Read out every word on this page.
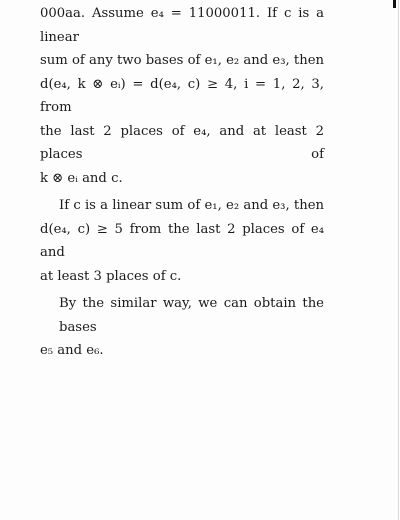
000aa. Assume e₄ = 11000011. If c is a linear
sum of any two bases of e₁, e₂ and e₃, then
d(e₄, k ⊗ eᵢ) = d(e₄, c) ≥ 4, i = 1, 2, 3, from
the last 2 places of e₄, and at least 2 places of
k ⊗ eᵢ and c.
If c is a linear sum of e₁, e₂ and e₃, then
d(e₄, c) ≥ 5 from the last 2 places of e₄ and
at least 3 places of c.
By the similar way, we can obtain the bases
e₅ and e₆.
